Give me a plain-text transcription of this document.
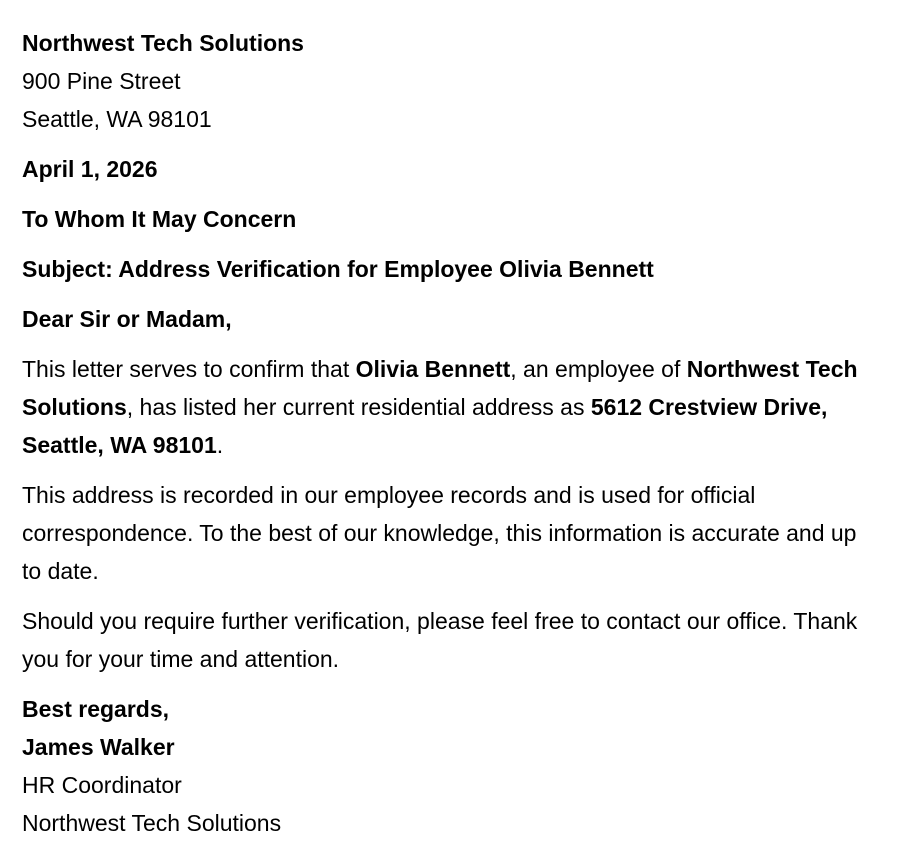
Northwest Tech Solutions
900 Pine Street
Seattle, WA 98101
April 1, 2026
To Whom It May Concern
Subject: Address Verification for Employee Olivia Bennett
Dear Sir or Madam,

This letter serves to confirm that Olivia Bennett, an employee of Northwest Tech Solutions, has listed her current residential address as 5612 Crestview Drive, Seattle, WA 98101.

This address is recorded in our employee records and is used for official correspondence. To the best of our knowledge, this information is accurate and up to date.

Should you require further verification, please feel free to contact our office. Thank you for your time and attention.

Best regards,
James Walker
HR Coordinator
Northwest Tech Solutions
